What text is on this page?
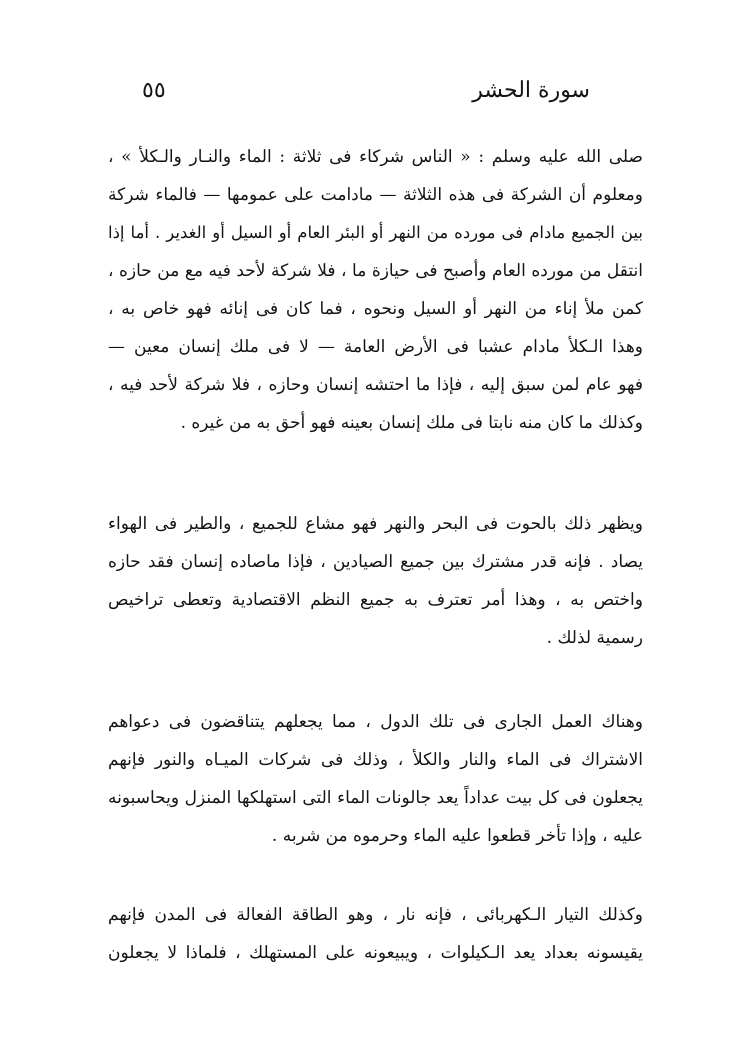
سورة الحشر
٥٥
صلى الله عليه وسلم : « الناس شركاء فى ثلاثة : الماء والنـار والـكلأ » ،
ومعلوم أن الشركة فى هذه الثلاثة — مادامت على عمومها — فالماء شركة
بين الجميع مادام فى مورده من النهر أو البئر العام أو السيل أو الغدير . أما إذا
انتقل من مورده العام وأصبح فى حيازة ما ، فلا شركة لأحد فيه مع من حازه ،
كمن ملأ إناء من النهر أو السيل ونحوه ، فما كان فى إنائه فهو خاص به ،
وهذا الـكلأ مادام عشبا فى الأرض العامة — لا فى ملك إنسان معين —
فهو عام لمن سبق إليه ، فإذا ما احتشه إنسان وحازه ، فلا شركة لأحد فيه ،
وكذلك ما كان منه نابتا فى ملك إنسان بعينه فهو أحق به من غيره .
ويظهر ذلك بالحوت فى البحر والنهر فهو مشاع للجميع ، والطير فى الهواء
يصاد . فإنه قدر مشترك بين جميع الصيادين ، فإذا ماصاده إنسان فقد حازه
واختص به ، وهذا أمر تعترف به جميع النظم الاقتصادية وتعطى تراخيص
رسمية لذلك .
وهناك العمل الجارى فى تلك الدول ، مما يجعلهم يتناقضون فى دعواهم
الاشتراك فى الماء والنار والكلأ ، وذلك فى شركات الميـاه والنور فإنهم
يجعلون فى كل بيت عداداً يعد جالونات الماء التى استهلكها المنزل ويحاسبونه
عليه ، وإذا تأخر قطعوا عليه الماء وحرموه من شربه .
وكذلك التيار الـكهربائى ، فإنه نار ، وهو الطاقة الفعالة فى المدن فإنهم
يقيسونه بعداد يعد الـكيلوات ، ويبيعونه على المستهلك ، فلماذا لا يجعلون
